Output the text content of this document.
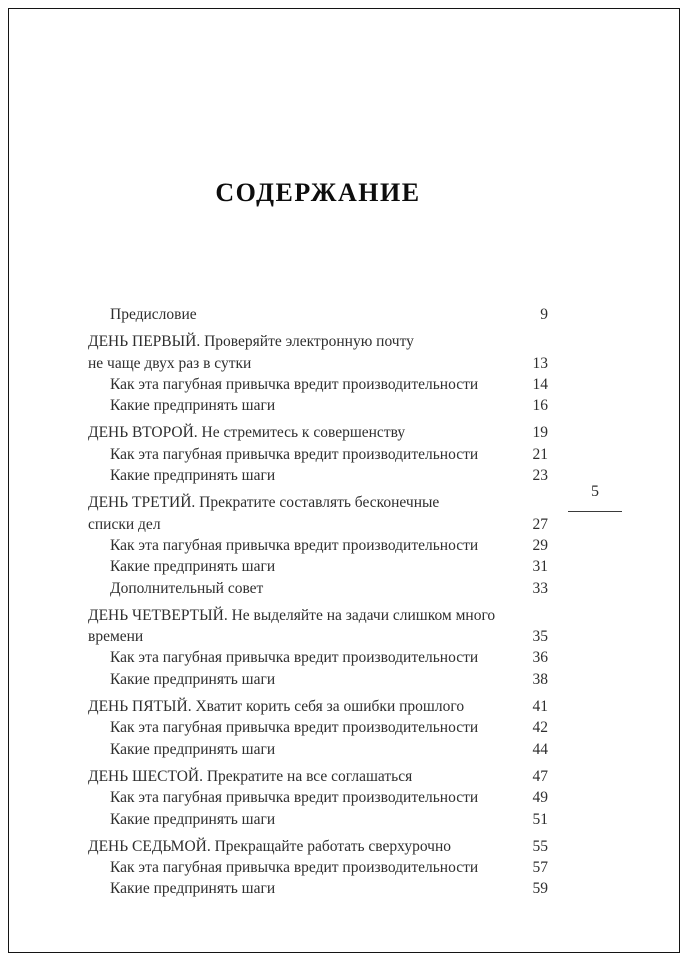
СОДЕРЖАНИЕ
Предисловие	9
ДЕНЬ ПЕРВЫЙ. Проверяйте электронную почту
не чаще двух раз в сутки	13
Как эта пагубная привычка вредит производительности	14
Какие предпринять шаги	16
ДЕНЬ ВТОРОЙ. Не стремитесь к совершенству	19
Как эта пагубная привычка вредит производительности	21
Какие предпринять шаги	23
ДЕНЬ ТРЕТИЙ. Прекратите составлять бесконечные
списки дел	27
Как эта пагубная привычка вредит производительности	29
Какие предпринять шаги	31
Дополнительный совет	33
ДЕНЬ ЧЕТВЕРТЫЙ. Не выделяйте на задачи слишком много
времени	35
Как эта пагубная привычка вредит производительности	36
Какие предпринять шаги	38
ДЕНЬ ПЯТЫЙ. Хватит корить себя за ошибки прошлого	41
Как эта пагубная привычка вредит производительности	42
Какие предпринять шаги	44
ДЕНЬ ШЕСТОЙ. Прекратите на все соглашаться	47
Как эта пагубная привычка вредит производительности	49
Какие предпринять шаги	51
ДЕНЬ СЕДЬМОЙ. Прекращайте работать сверхурочно	55
Как эта пагубная привычка вредит производительности	57
Какие предпринять шаги	59
5
